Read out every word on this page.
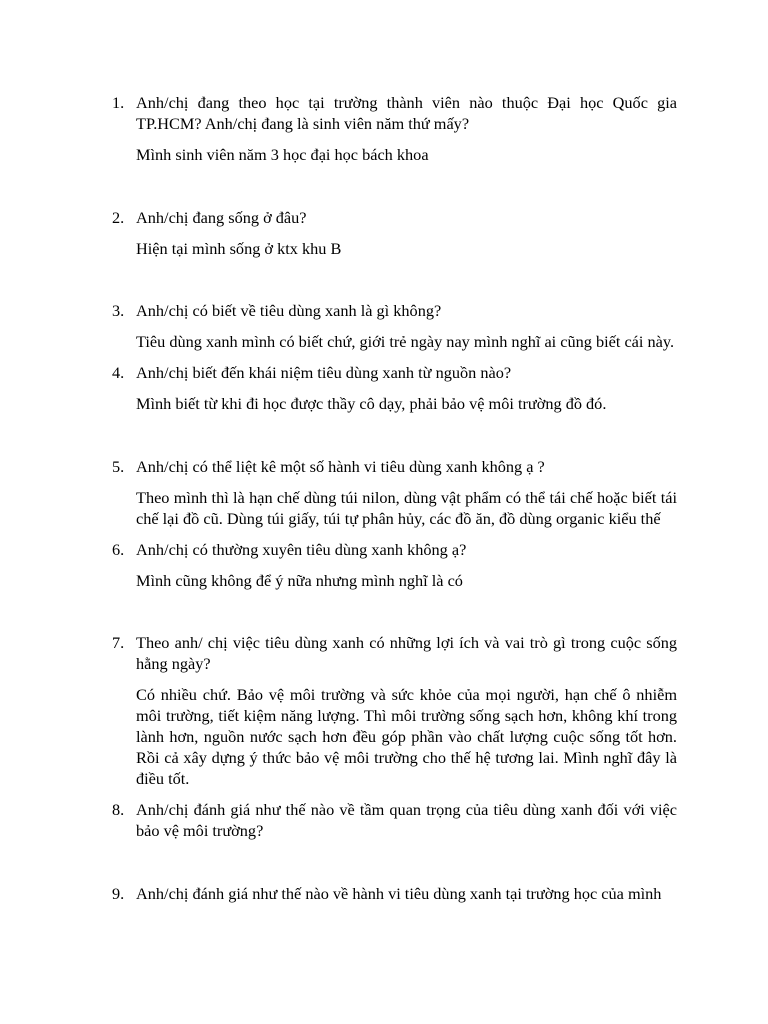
1. Anh/chị đang theo học tại trường thành viên nào thuộc Đại học Quốc gia
TP.HCM? Anh/chị đang là sinh viên năm thứ mấy?
Mình sinh viên năm 3 học đại học bách khoa
2. Anh/chị đang sống ở đâu?
Hiện tại mình sống ở ktx khu B
3. Anh/chị có biết về tiêu dùng xanh là gì không?
Tiêu dùng xanh mình có biết chứ, giới trẻ ngày nay mình nghĩ ai cũng biết cái này.
4. Anh/chị biết đến khái niệm tiêu dùng xanh từ nguồn nào?
Mình biết từ khi đi học được thầy cô dạy, phải bảo vệ môi trường đồ đó.
5. Anh/chị có thể liệt kê một số hành vi tiêu dùng xanh không ạ ?
Theo mình thì là hạn chế dùng túi nilon, dùng vật phẩm có thể tái chế hoặc biết tái
chế lại đồ cũ. Dùng túi giấy, túi tự phân hủy, các đồ ăn, đồ dùng organic kiểu thế
6. Anh/chị có thường xuyên tiêu dùng xanh không ạ?
Mình cũng không để ý nữa nhưng mình nghĩ là có
7. Theo anh/ chị việc tiêu dùng xanh có những lợi ích và vai trò gì trong cuộc sống
hằng ngày?
Có nhiều chứ. Bảo vệ môi trường và sức khỏe của mọi người, hạn chế ô nhiễm
môi trường, tiết kiệm năng lượng. Thì môi trường sống sạch hơn, không khí trong
lành hơn, nguồn nước sạch hơn đều góp phần vào chất lượng cuộc sống tốt hơn.
Rồi cả xây dựng ý thức bảo vệ môi trường cho thế hệ tương lai. Mình nghĩ đây là
điều tốt.
8. Anh/chị đánh giá như thế nào về tầm quan trọng của tiêu dùng xanh đối với việc
bảo vệ môi trường?
9. Anh/chị đánh giá như thế nào về hành vi tiêu dùng xanh tại trường học của mình
